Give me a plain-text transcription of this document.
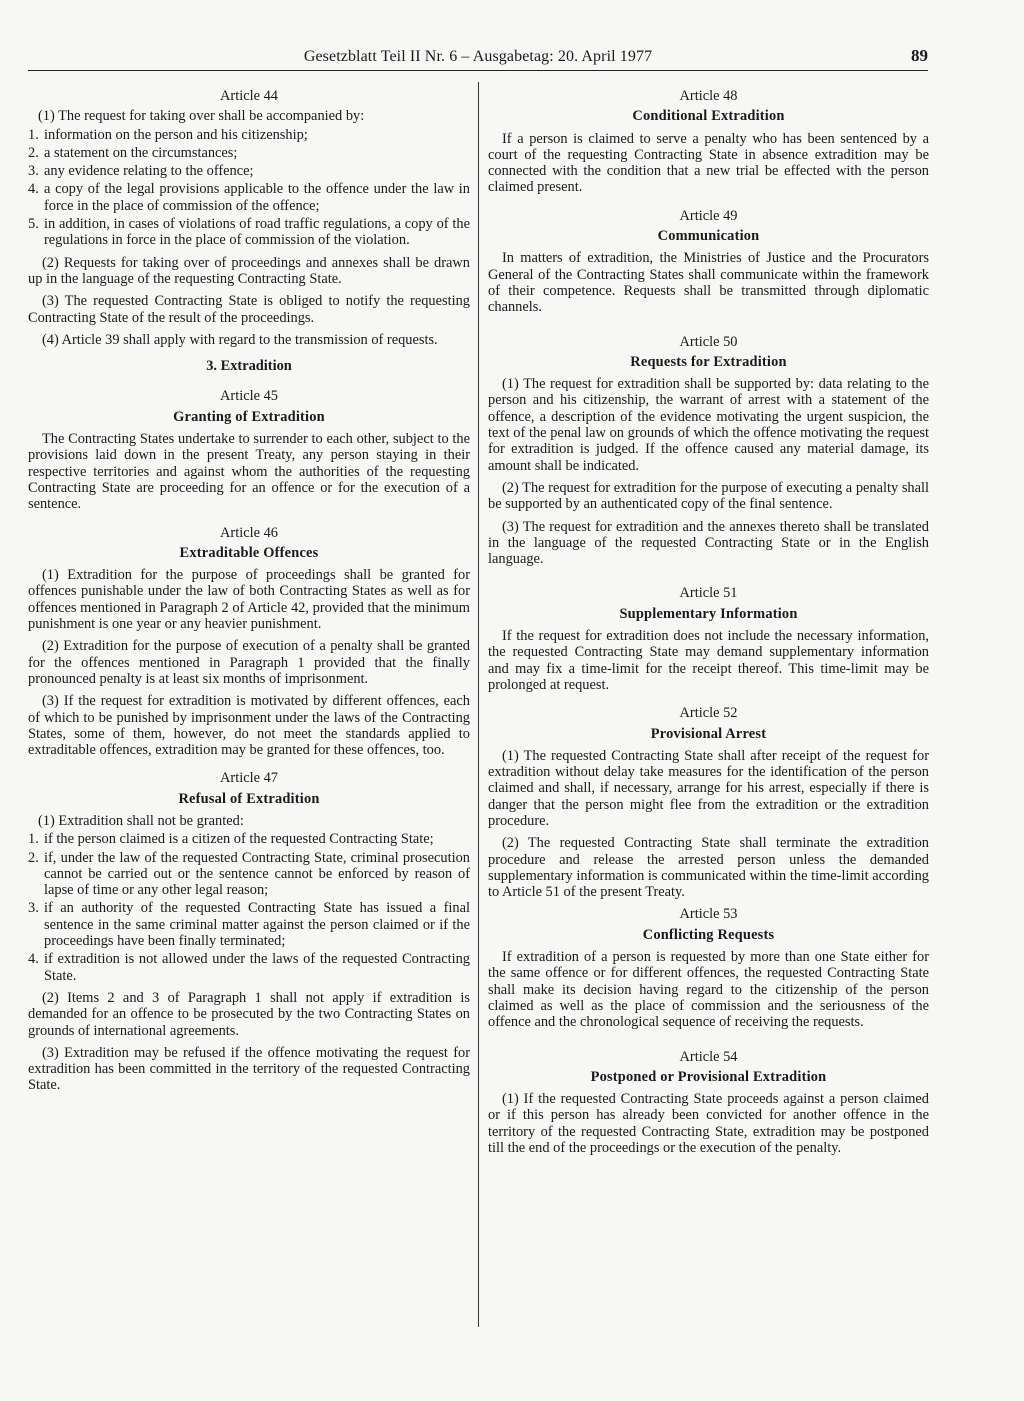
Gesetzblatt Teil II Nr. 6 – Ausgabetag: 20. April 1977	89
Article 44
(1) The request for taking over shall be accompanied by:
1. information on the person and his citizenship;
2. a statement on the circumstances;
3. any evidence relating to the offence;
4. a copy of the legal provisions applicable to the offence under the law in force in the place of commission of the offence;
5. in addition, in cases of violations of road traffic regulations, a copy of the regulations in force in the place of commission of the violation.
(2) Requests for taking over of proceedings and annexes shall be drawn up in the language of the requesting Contracting State.
(3) The requested Contracting State is obliged to notify the requesting Contracting State of the result of the proceedings.
(4) Article 39 shall apply with regard to the transmission of requests.
3. Extradition
Article 45
Granting of Extradition
The Contracting States undertake to surrender to each other, subject to the provisions laid down in the present Treaty, any person staying in their respective territories and against whom the authorities of the requesting Contracting State are proceeding for an offence or for the execution of a sentence.
Article 46
Extraditable Offences
(1) Extradition for the purpose of proceedings shall be granted for offences punishable under the law of both Contracting States as well as for offences mentioned in Paragraph 2 of Article 42, provided that the minimum punishment is one year or any heavier punishment.
(2) Extradition for the purpose of execution of a penalty shall be granted for the offences mentioned in Paragraph 1 provided that the finally pronounced penalty is at least six months of imprisonment.
(3) If the request for extradition is motivated by different offences, each of which to be punished by imprisonment under the laws of the Contracting States, some of them, however, do not meet the standards applied to extraditable offences, extradition may be granted for these offences, too.
Article 47
Refusal of Extradition
(1) Extradition shall not be granted:
1. if the person claimed is a citizen of the requested Contracting State;
2. if, under the law of the requested Contracting State, criminal prosecution cannot be carried out or the sentence cannot be enforced by reason of lapse of time or any other legal reason;
3. if an authority of the requested Contracting State has issued a final sentence in the same criminal matter against the person claimed or if the proceedings have been finally terminated;
4. if extradition is not allowed under the laws of the requested Contracting State.
(2) Items 2 and 3 of Paragraph 1 shall not apply if extradition is demanded for an offence to be prosecuted by the two Contracting States on grounds of international agreements.
(3) Extradition may be refused if the offence motivating the request for extradition has been committed in the territory of the requested Contracting State.
Article 48
Conditional Extradition
If a person is claimed to serve a penalty who has been sentenced by a court of the requesting Contracting State in absence extradition may be connected with the condition that a new trial be effected with the person claimed present.
Article 49
Communication
In matters of extradition, the Ministries of Justice and the Procurators General of the Contracting States shall communicate within the framework of their competence. Requests shall be transmitted through diplomatic channels.
Article 50
Requests for Extradition
(1) The request for extradition shall be supported by: data relating to the person and his citizenship, the warrant of arrest with a statement of the offence, a description of the evidence motivating the urgent suspicion, the text of the penal law on grounds of which the offence motivating the request for extradition is judged. If the offence caused any material damage, its amount shall be indicated.
(2) The request for extradition for the purpose of executing a penalty shall be supported by an authenticated copy of the final sentence.
(3) The request for extradition and the annexes thereto shall be translated in the language of the requested Contracting State or in the English language.
Article 51
Supplementary Information
If the request for extradition does not include the necessary information, the requested Contracting State may demand supplementary information and may fix a time-limit for the receipt thereof. This time-limit may be prolonged at request.
Article 52
Provisional Arrest
(1) The requested Contracting State shall after receipt of the request for extradition without delay take measures for the identification of the person claimed and shall, if necessary, arrange for his arrest, especially if there is danger that the person might flee from the extradition or the extradition procedure.
(2) The requested Contracting State shall terminate the extradition procedure and release the arrested person unless the demanded supplementary information is communicated within the time-limit according to Article 51 of the present Treaty.
Article 53
Conflicting Requests
If extradition of a person is requested by more than one State either for the same offence or for different offences, the requested Contracting State shall make its decision having regard to the citizenship of the person claimed as well as the place of commission and the seriousness of the offence and the chronological sequence of receiving the requests.
Article 54
Postponed or Provisional Extradition
(1) If the requested Contracting State proceeds against a person claimed or if this person has already been convicted for another offence in the territory of the requested Contracting State, extradition may be postponed till the end of the proceedings or the execution of the penalty.
